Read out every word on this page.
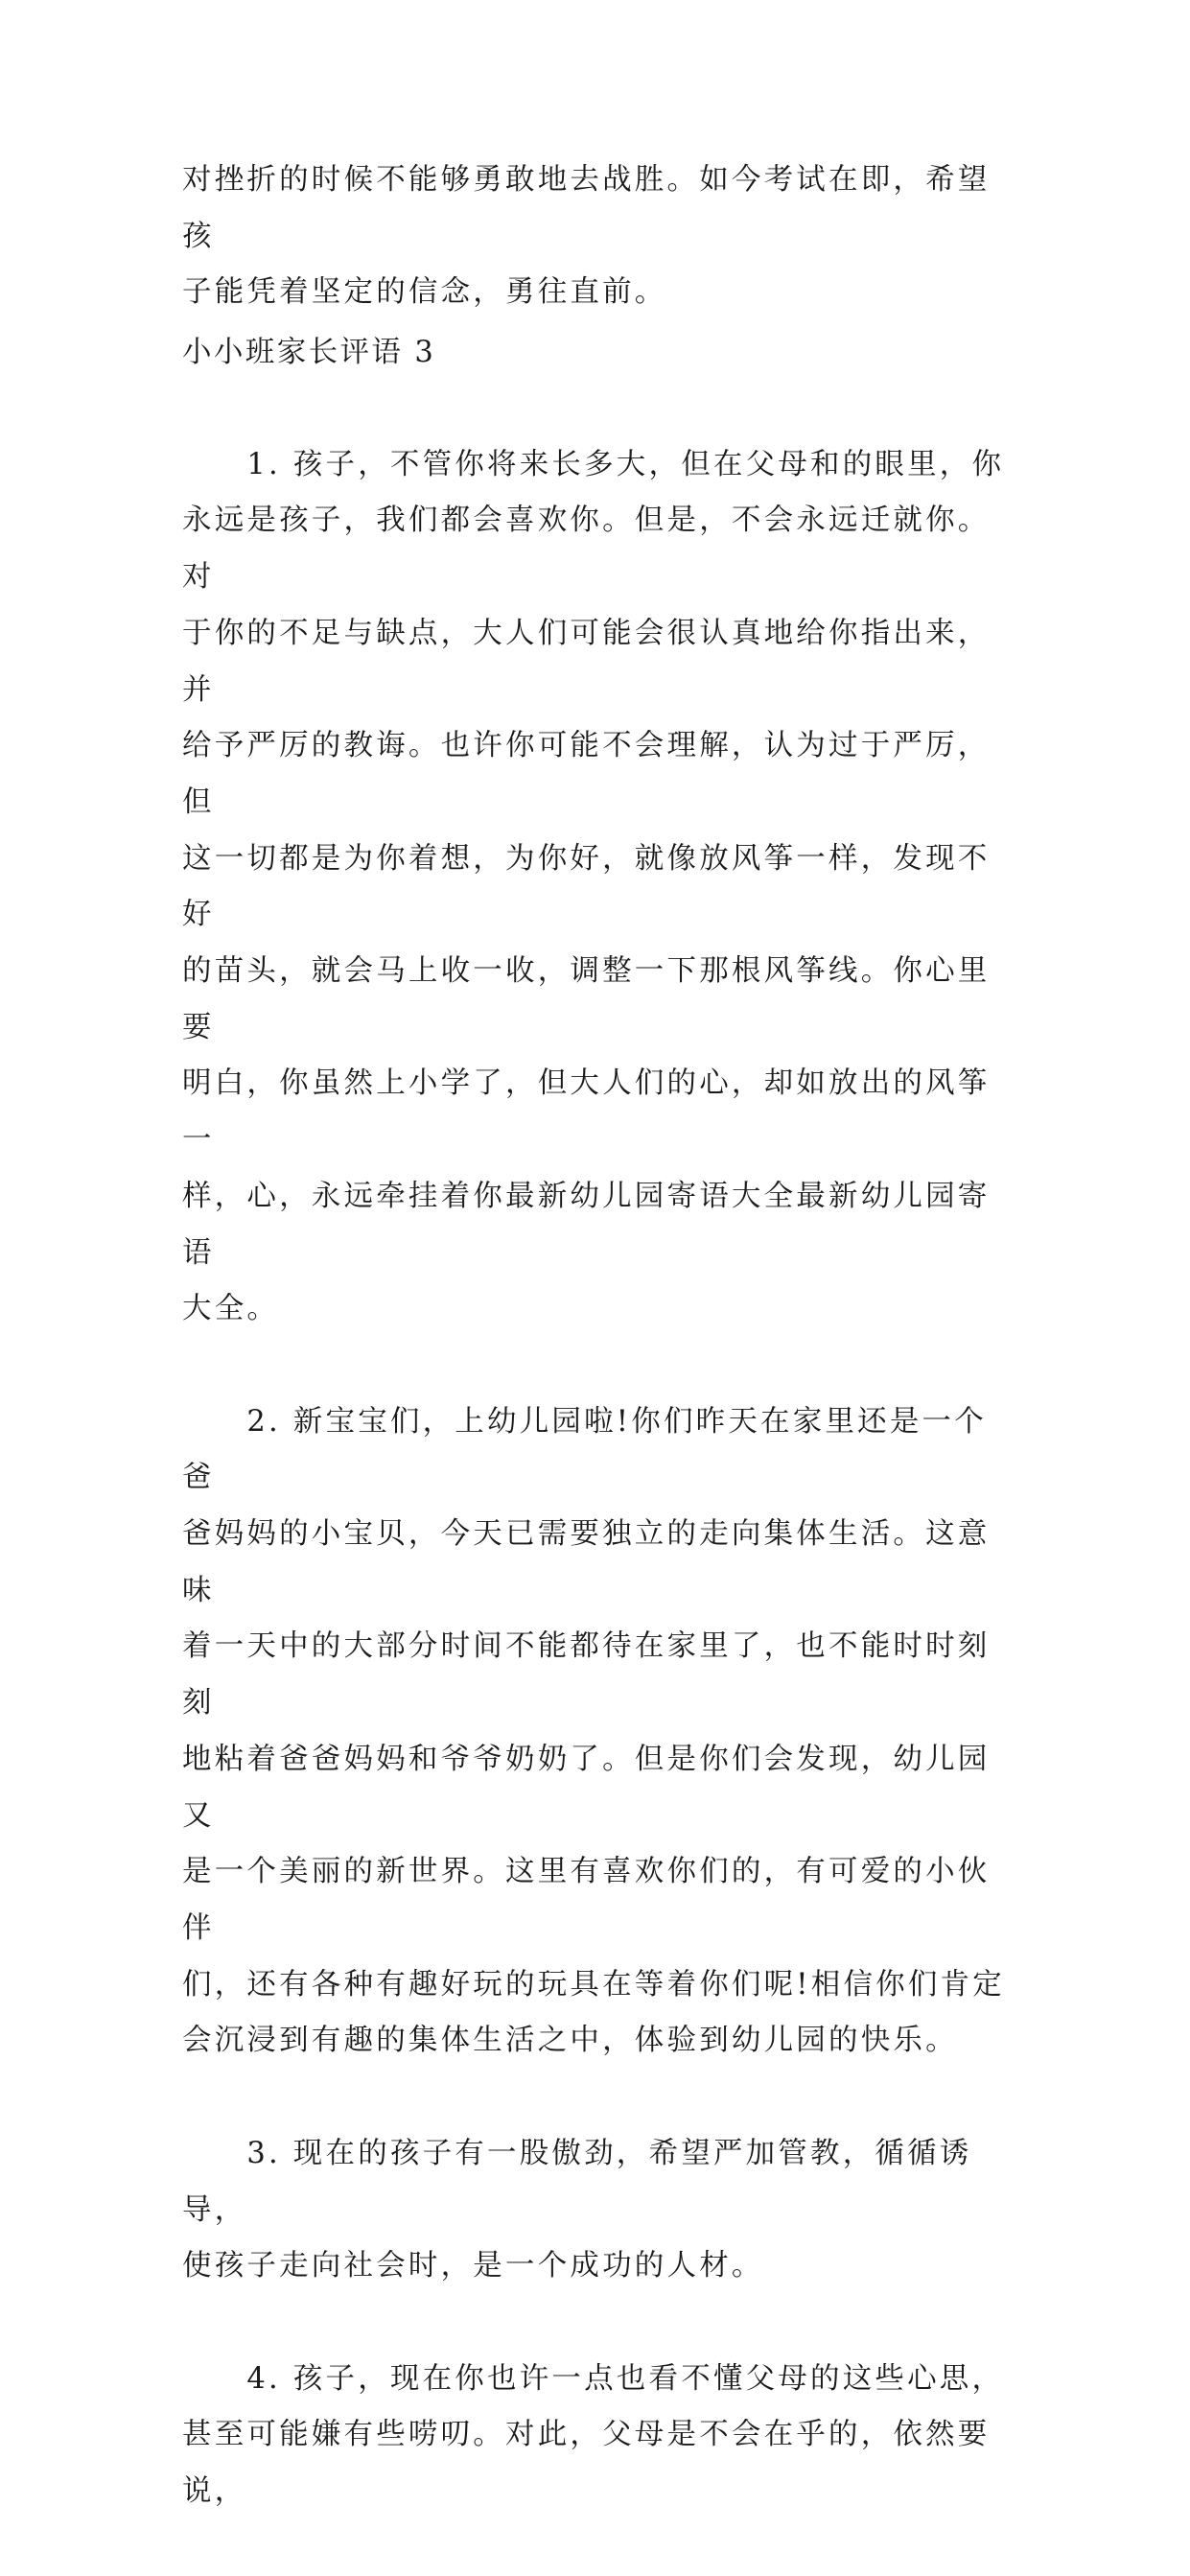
对挫折的时候不能够勇敢地去战胜。如今考试在即，希望孩
子能凭着坚定的信念，勇往直前。
小小班家长评语 3

　　1. 孩子，不管你将来长多大，但在父母和的眼里，你
永远是孩子，我们都会喜欢你。但是，不会永远迁就你。对
于你的不足与缺点，大人们可能会很认真地给你指出来，并
给予严厉的教诲。也许你可能不会理解，认为过于严厉，但
这一切都是为你着想，为你好，就像放风筝一样，发现不好
的苗头，就会马上收一收，调整一下那根风筝线。你心里要
明白，你虽然上小学了，但大人们的心，却如放出的风筝一
样，心，永远牵挂着你最新幼儿园寄语大全最新幼儿园寄语
大全。

　　2. 新宝宝们，上幼儿园啦!你们昨天在家里还是一个爸
爸妈妈的小宝贝，今天已需要独立的走向集体生活。这意味
着一天中的大部分时间不能都待在家里了，也不能时时刻刻
地粘着爸爸妈妈和爷爷奶奶了。但是你们会发现，幼儿园又
是一个美丽的新世界。这里有喜欢你们的，有可爱的小伙伴
们，还有各种有趣好玩的玩具在等着你们呢!相信你们肯定
会沉浸到有趣的集体生活之中，体验到幼儿园的快乐。

　　3. 现在的孩子有一股傲劲，希望严加管教，循循诱导，
使孩子走向社会时，是一个成功的人材。

　　4. 孩子，现在你也许一点也看不懂父母的这些心思，
甚至可能嫌有些唠叨。对此，父母是不会在乎的，依然要说，
